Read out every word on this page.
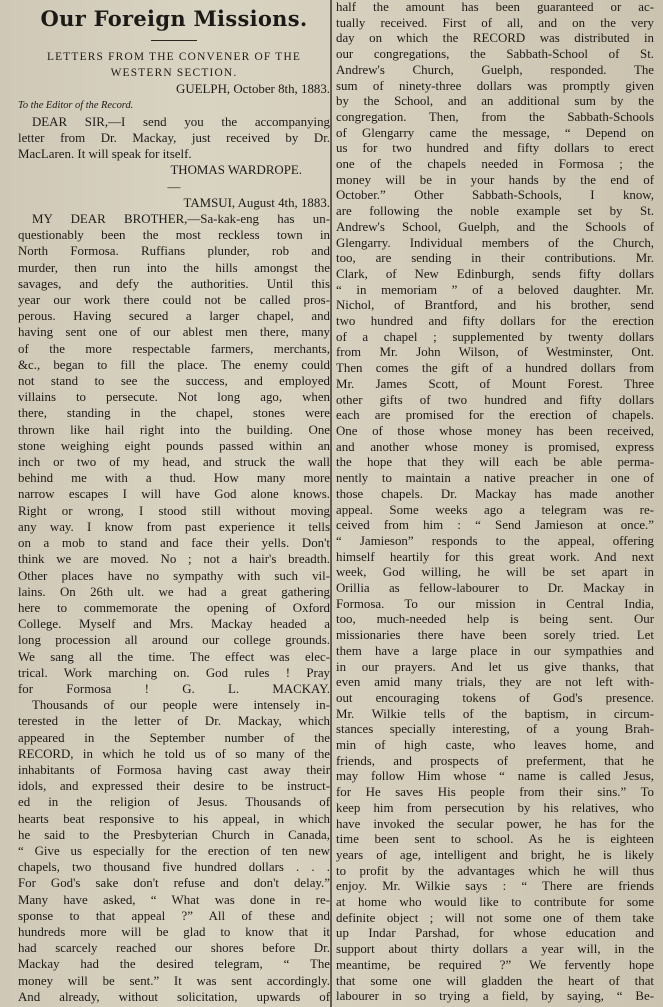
Our Foreign Missions.
LETTERS FROM THE CONVENER OF THE
WESTERN SECTION.
GUELPH, October 8th, 1883.
To the Editor of the Record.
DEAR SIR,—I send you the accompanying
letter from Dr. Mackay, just received by Dr.
MacLaren. It will speak for itself.
THOMAS WARDROPE.
—
TAMSUI, August 4th, 1883.
MY DEAR BROTHER,—Sa-kak-eng has un-
questionably been the most reckless town in
North Formosa. Ruffians plunder, rob and
murder, then run into the hills amongst the
savages, and defy the authorities. Until this
year our work there could not be called pros-
perous. Having secured a larger chapel, and
having sent one of our ablest men there, many
of the more respectable farmers, merchants,
&c., began to fill the place. The enemy could
not stand to see the success, and employed
villains to persecute. Not long ago, when
there, standing in the chapel, stones were
thrown like hail right into the building. One
stone weighing eight pounds passed within an
inch or two of my head, and struck the wall
behind me with a thud. How many more
narrow escapes I will have God alone knows.
Right or wrong, I stood still without moving
any way. I know from past experience it tells
on a mob to stand and face their yells. Don't
think we are moved. No ; not a hair's breadth.
Other places have no sympathy with such vil-
lains. On 26th ult. we had a great gathering
here to commemorate the opening of Oxford
College. Myself and Mrs. Mackay headed a
long procession all around our college grounds.
We sang all the time. The effect was elec-
trical. Work marching on. God rules ! Pray
for Formosa ! G. L. MACKAY.
Thousands of our people were intensely in-
terested in the letter of Dr. Mackay, which
appeared in the September number of the
RECORD, in which he told us of so many of the
inhabitants of Formosa having cast away their
idols, and expressed their desire to be instruct-
ed in the religion of Jesus. Thousands of
hearts beat responsive to his appeal, in which
he said to the Presbyterian Church in Canada,
“ Give us especially for the erection of ten new
chapels, two thousand five hundred dollars . . .
For God's sake don't refuse and don't delay.”
Many have asked, “ What was done in re-
sponse to that appeal ?” All of these and
hundreds more will be glad to know that it
had scarcely reached our shores before Dr.
Mackay had the desired telegram, “ The
money will be sent.” It was sent accordingly.
And already, without solicitation, upwards of
half the amount has been guaranteed or ac-
tually received. First of all, and on the very
day on which the RECORD was distributed in
our congregations, the Sabbath-School of St.
Andrew's Church, Guelph, responded. The
sum of ninety-three dollars was promptly given
by the School, and an additional sum by the
congregation. Then, from the Sabbath-Schools
of Glengarry came the message, “ Depend on
us for two hundred and fifty dollars to erect
one of the chapels needed in Formosa ; the
money will be in your hands by the end of
October.” Other Sabbath-Schools, I know,
are following the noble example set by St.
Andrew's School, Guelph, and the Schools of
Glengarry. Individual members of the Church,
too, are sending in their contributions. Mr.
Clark, of New Edinburgh, sends fifty dollars
“ in memoriam ” of a beloved daughter. Mr.
Nichol, of Brantford, and his brother, send
two hundred and fifty dollars for the erection
of a chapel ; supplemented by twenty dollars
from Mr. John Wilson, of Westminster, Ont.
Then comes the gift of a hundred dollars from
Mr. James Scott, of Mount Forest. Three
other gifts of two hundred and fifty dollars
each are promised for the erection of chapels.
One of those whose money has been received,
and another whose money is promised, express
the hope that they will each be able perma-
nently to maintain a native preacher in one of
those chapels. Dr. Mackay has made another
appeal. Some weeks ago a telegram was re-
ceived from him : “ Send Jamieson at once.”
“ Jamieson” responds to the appeal, offering
himself heartily for this great work. And next
week, God willing, he will be set apart in
Orillia as fellow-labourer to Dr. Mackay in
Formosa. To our mission in Central India,
too, much-needed help is being sent. Our
missionaries there have been sorely tried. Let
them have a large place in our sympathies and
in our prayers. And let us give thanks, that
even amid many trials, they are not left with-
out encouraging tokens of God's presence.
Mr. Wilkie tells of the baptism, in circum-
stances specially interesting, of a young Brah-
min of high caste, who leaves home, and
friends, and prospects of preferment, that he
may follow Him whose “ name is called Jesus,
for He saves His people from their sins.” To
keep him from persecution by his relatives, who
have invoked the secular power, he has for the
time been sent to school. As he is eighteen
years of age, intelligent and bright, he is likely
to profit by the advantages which he will thus
enjoy. Mr. Wilkie says : “ There are friends
at home who would like to contribute for some
definite object ; will not some one of them take
up Indar Parshad, for whose education and
support about thirty dollars a year will, in the
meantime, be required ?” We fervently hope
that some one will gladden the heart of that
labourer in so trying a field, by saying, “ Be-
